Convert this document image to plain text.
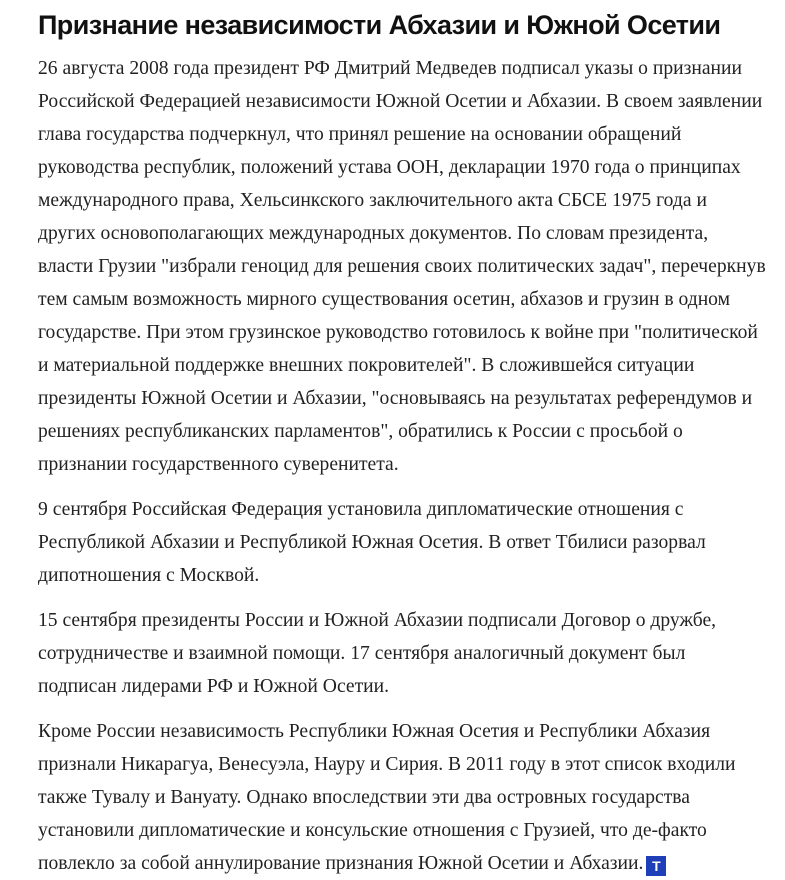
Признание независимости Абхазии и Южной Осетии

26 августа 2008 года президент РФ Дмитрий Медведев подписал указы о признании Российской Федерацией независимости Южной Осетии и Абхазии. В своем заявлении глава государства подчеркнул, что принял решение на основании обращений руководства республик, положений устава ООН, декларации 1970 года о принципах международного права, Хельсинкского заключительного акта СБСЕ 1975 года и других основополагающих международных документов. По словам президента, власти Грузии "избрали геноцид для решения своих политических задач", перечеркнув тем самым возможность мирного существования осетин, абхазов и грузин в одном государстве. При этом грузинское руководство готовилось к войне при "политической и материальной поддержке внешних покровителей". В сложившейся ситуации президенты Южной Осетии и Абхазии, "основываясь на результатах референдумов и решениях республиканских парламентов", обратились к России с просьбой о признании государственного суверенитета.

9 сентября Российская Федерация установила дипломатические отношения с Республикой Абхазии и Республикой Южная Осетия. В ответ Тбилиси разорвал дипотношения с Москвой.

15 сентября президенты России и Южной Абхазии подписали Договор о дружбе, сотрудничестве и взаимной помощи. 17 сентября аналогичный документ был подписан лидерами РФ и Южной Осетии.

Кроме России независимость Республики Южная Осетия и Республики Абхазия признали Никарагуа, Венесуэла, Науру и Сирия. В 2011 году в этот список входили также Тувалу и Вануату. Однако впоследствии эти два островных государства установили дипломатические и консульские отношения с Грузией, что де-факто повлекло за собой аннулирование признания Южной Осетии и Абхазии. Т
